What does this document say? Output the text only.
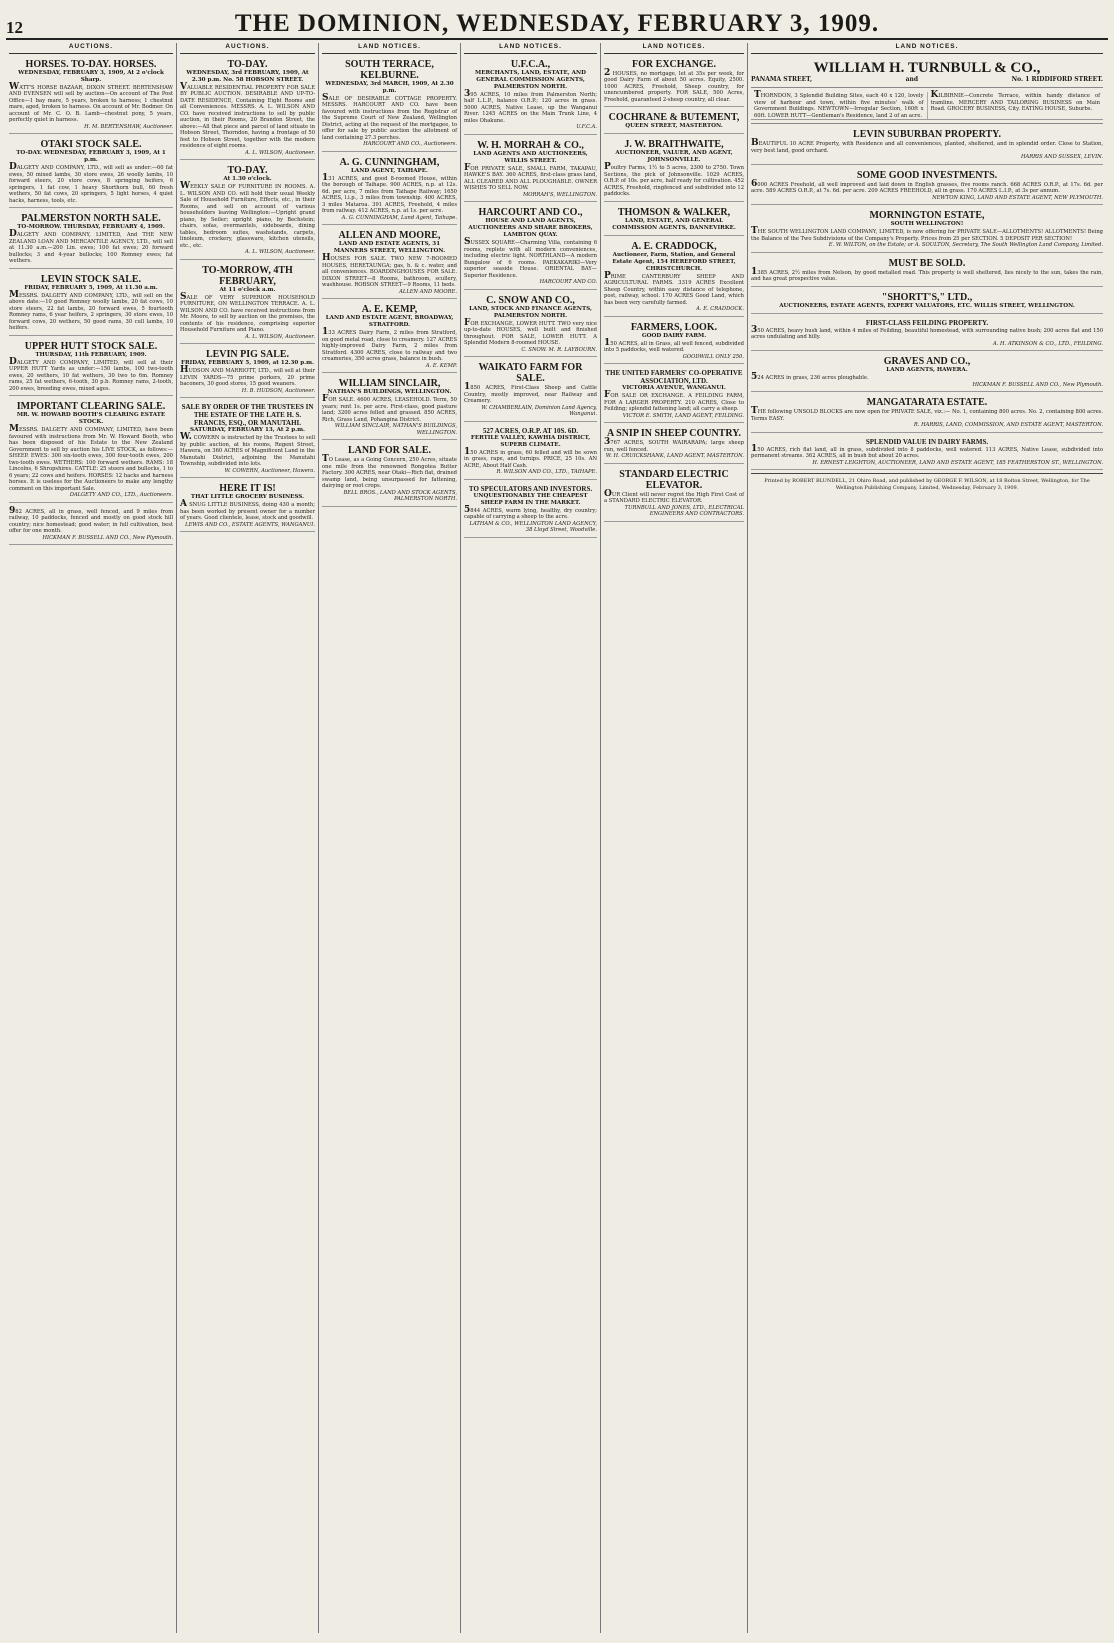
12	THE DOMINION, WEDNESDAY, FEBRUARY 3, 1909.
AUCTIONS.
HORSES. TO-DAY. HORSES.
WEDNESDAY, FEBRUARY 3, 1909, At 2 o'clock Sharp.
WATT'S HORSE BAZAAR, DIXON STREET. BERTENSHAW AND EVENSEN will sell by auction—On account of The Post Office—1 bay mare, 5 years, broken to harness; 1 chestnut mare, aged, broken to harness. On account of Mr. Bodmer. On account of Mr. C. O. B. Lamb—chestnut pony, 5 years, perfectly quiet in harness.
H. M. BERTENSHAW, Auctioneer.
OTAKI STOCK SALE.
TO-DAY. WEDNESDAY, FEBRUARY 3, 1909, At 1 p.m.
DALGETY AND COMPANY, LTD., will sell as under:—60 fat ewes, 50 mixed lambs, 30 store ewes, 26 woolly lambs, 10 forward steers, 20 store cows, 8 springing heifers, 6 springers, 1 fat cow, 1 heavy Shorthorn bull, 60 fresh wethers, 50 fat cows, 20 springers, 5 light horses, 4 quiet hacks, harness, tools, etc.
PALMERSTON NORTH SALE.
TO-MORROW. THURSDAY, FEBRUARY 4, 1909.
DALGETY AND COMPANY, LIMITED, And THE NEW ZEALAND LOAN AND MERCANTILE AGENCY, LTD., will sell at 11.30 a.m.—200 Lin. ewes; 100 fat ewes; 20 forward bullocks; 3 and 4-year bullocks; 100 Romney ewes; fat wethers.
LEVIN STOCK SALE.
FRIDAY, FEBRUARY 5, 1909, At 11.30 a.m.
MESSRS. DALGETY AND COMPANY, LTD., will sell on the above date:—10 good Romney woolly lambs, 20 fat cows, 10 store steers, 22 fat lambs, 20 forward ewes, 5 fourtooth Romney rams, 6 year heifers, 2 springers, 30 store ewes, 10 forward cows, 20 wethers, 50 good rams, 30 cull lambs, 10 heifers.
UPPER HUTT STOCK SALE.
THURSDAY, 11th FEBRUARY, 1909.
DALGETY AND COMPANY, LIMITED, will sell at their UPPER HUTT Yards as under:—150 lambs, 100 two-tooth ewes, 20 wethers, 10 fat wethers, 30 two to 6m. Romney rams, 25 fat wethers, 6-tooth, 30 p.b. Romney rams, 2-tooth, 200 ewes, breeding ewes, mixed ages.
IMPORTANT CLEARING SALE.
MR. W. HOWARD BOOTH'S CLEARING ESTATE STOCK.
MESSRS. DALGETY AND COMPANY, LIMITED, have been favoured with instructions from Mr. W. Howard Booth, who has been disposed of his Estate to the New Zealand Government to sell by auction his LIVE STOCK, as follows:—SHEEP. EWES: 300 six-tooth ewes, 300 four-tooth ewes, 200 two-tooth ewes. WETHERS: 100 forward wethers. RAMS: 18 Lincolns, 6 Shropshires. CATTLE: 25 steers and bullocks, 1 to 6 years; 22 cows and heifers. HORSES: 12 hacks and harness horses. It is useless for the Auctioneers to make any lengthy comment on this important Sale.
DALGETY AND CO., LTD., Auctioneers.
982 ACRES, all in grass, well fenced, and 9 miles from railway, 10 paddocks, fenced and mostly on good stock hill country; nice homestead; good water; in full cultivation, best offer for one month.
HICKMAN F. BUSSELL AND CO., New Plymouth.
AUCTIONS.
TO-DAY.
WEDNESDAY, 3rd FEBRUARY, 1909, At 2.30 p.m. No. 58 HOBSON STREET.
VALUABLE RESIDENTIAL PROPERTY FOR SALE BY PUBLIC AUCTION. DESIRABLE AND UP-TO-DATE RESIDENCE, Containing Eight Rooms and all Conveniences. MESSRS. A. L. WILSON AND CO. have received instructions to sell by public auction, in their Rooms, 20 Brandon Street, the above:—All that piece and parcel of land situate in Hobson Street, Thorndon, having a frontage of 50 feet to Hobson Street, together with the modern residence of eight rooms.
A. L. WILSON, Auctioneer.
TO-DAY.
At 1.30 o'clock.
WEEKLY SALE OF FURNITURE IN ROOMS. A. L. WILSON AND CO. will hold their usual Weekly Sale of Household Furniture, Effects, etc., in their Rooms, and sell on account of various householders leaving Wellington:—Upright grand piano, by Seiler; upright piano, by Bechstein; chairs, sofas, overmantels, sideboards, dining tables, bedroom suites, washstands, carpets, linoleum, crockery, glassware, kitchen utensils, etc., etc.
A. L. WILSON, Auctioneer.
TO-MORROW, 4TH FEBRUARY,
At 11 o'clock a.m.
SALE OF VERY SUPERIOR HOUSEHOLD FURNITURE, ON WELLINGTON TERRACE. A. L. WILSON AND CO. have received instructions from Mr. Moore, to sell by auction on the premises, the contents of his residence, comprising superior Household Furniture and Piano.
A. L. WILSON, Auctioneer.
LEVIN PIG SALE.
FRIDAY, FEBRUARY 5, 1909, at 12.30 p.m.
HUDSON AND MARRIOTT, LTD., will sell at their LEVIN YARDS—75 prime porkers, 20 prime baconers, 30 good stores, 15 good weaners.
H. B. HUDSON, Auctioneer.
SALE BY ORDER OF THE TRUSTEES IN THE ESTATE OF THE LATE H. S. FRANCIS, ESQ., OR MANUTAHI.
SATURDAY, FEBRUARY 13, At 2 p.m.
W. COWERN is instructed by the Trustees to sell by public auction, at his rooms, Regent Street, Hawera, on 360 ACRES of Magnificent Land in the Manutahi District, adjoining the Manutahi Township, subdivided into lots.
W. COWERN, Auctioneer, Hawera.
HERE IT IS!
THAT LITTLE GROCERY BUSINESS.
A SNUG LITTLE BUSINESS, doing 430 a month; has been worked by present owner for a number of years. Good clientele, lease, stock and goodwill.
LEWIS AND CO., ESTATE AGENTS, WANGANUI.
LAND NOTICES.
SOUTH TERRACE, KELBURNE.
WEDNESDAY, 3rd MARCH, 1909, At 2.30 p.m.
SALE OF DESIRABLE COTTAGE PROPERTY. MESSRS. HARCOURT AND CO. have been favoured with instructions from the Registrar of the Supreme Court of New Zealand, Wellington District, acting at the request of the mortgagee, to offer for sale by public auction the allotment of land containing 27.3 perches.
HARCOURT AND CO., Auctioneers.
A. G. CUNNINGHAM,
LAND AGENT, TAIHAPE.
131 ACRES, and good 8-roomed House, within the borough of Taihape. 900 ACRES, n.p. at 12s. 6d. per acre, 7 miles from Taihape Railway; 1650 ACRES, l.i.p., 3 miles from township. 400 ACRES, 3 miles Mataroa. 391 ACRES, Freehold, 4 miles from railway. 412 ACRES, n.p. at 1s. per acre.
A. G. CUNNINGHAM, Land Agent, Taihape.
ALLEN AND MOORE,
LAND AND ESTATE AGENTS, 31 MANNERS STREET, WELLINGTON.
HOUSES FOR SALE. TWO NEW 7-ROOMED HOUSES, HERETAUNGA; gas, h. & c. water, and all conveniences. BOARDINGHOUSES FOR SALE. DIXON STREET—8 Rooms, bathroom, scullery, washhouse. ROBSON STREET—9 Rooms, 11 beds.
ALLEN AND MOORE.
A. E. KEMP,
LAND AND ESTATE AGENT, BROADWAY, STRATFORD.
133 ACRES Dairy Farm, 2 miles from Stratford, on good metal road, close to creamery. 127 ACRES highly-improved Dairy Farm, 2 miles from Stratford. 4300 ACRES, close to railway and two creameries, 350 acres grass, balance in bush.
A. E. KEMP.
WILLIAM SINCLAIR,
NATHAN'S BUILDINGS, WELLINGTON.
FOR SALE. 4600 ACRES, LEASEHOLD. Term, 50 years; rent 1s. per acre. First-class, good pasture land; 3200 acres felled and grassed. 850 ACRES, Rich, Grass Land, Pohangina District.
WILLIAM SINCLAIR, NATHAN'S BUILDINGS, WELLINGTON.
LAND FOR SALE.
TO Lease, as a Going Concern, 250 Acres, situate one mile from the renowned Rongotea Butter Factory. 300 ACRES, near Otaki—Rich flat, drained swamp land, being unsurpassed for fattening, dairying or root crops.
BELL BROS., LAND AND STOCK AGENTS, PALMERSTON NORTH.
LAND NOTICES.
U.F.C.A.,
MERCHANTS, LAND, ESTATE, AND GENERAL COMMISSION AGENTS, PALMERSTON NORTH.
395 ACRES, 10 miles from Palmerston North; half L.L.P., balance O.R.P.; 120 acres in grass. 5000 ACRES, Native Lease, up the Wanganui River. 1245 ACRES on the Main Trunk Line, 4 miles Ohakune.
U.F.C.A.
W. H. MORRAH & CO.,
LAND AGENTS AND AUCTIONEERS, WILLIS STREET.
FOR PRIVATE SALE, SMALL FARM, TAKAPAU, HAWKE'S BAY. 360 ACRES, first-class grass land, ALL CLEARED AND ALL PLOUGHABLE. OWNER WISHES TO SELL NOW.
MORRAH'S, WELLINGTON.
HARCOURT AND CO.,
HOUSE AND LAND AGENTS, AUCTIONEERS AND SHARE BROKERS, LAMBTON QUAY.
SUSSEX SQUARE—Charming Villa, containing 6 rooms, replete with all modern conveniences, including electric light. NORTHLAND—A modern Bungalow of 6 rooms. PAEKAKARIKI—Very superior seaside House. ORIENTAL BAY—Superior Residence.
HARCOURT AND CO.
C. SNOW AND CO.,
LAND, STOCK AND FINANCE AGENTS, PALMERSTON NORTH.
FOR EXCHANGE, LOWER HUTT. TWO very nice up-to-date HOUSES, well built and finished throughout. FOR SALE, LOWER HUTT. A Splendid Modern 8-roomed HOUSE.
C. SNOW. M. R. LAYBOURN.
WAIKATO FARM FOR SALE.
1850 ACRES, First-Class Sheep and Cattle Country, mostly improved, near Railway and Creamery.
W. CHAMBERLAIN, Dominion Land Agency, Wanganui.
527 ACRES, O.R.P. AT 10S. 6D.
FERTILE VALLEY, KAWHIA DISTRICT, SUPERB CLIMATE.
150 ACRES in grass, 60 felled and will be sown in grass, rape, and turnips. PRICE, 25 10s. AN ACRE, About Half Cash.
R. WILSON AND CO., LTD., TAIHAPE.
TO SPECULATORS AND INVESTORS.
UNQUESTIONABLY THE CHEAPEST SHEEP FARM IN THE MARKET.
5844 ACRES, warm lying, healthy, dry country; capable of carrying a sheep to the acre.
LATHAM & CO., WELLINGTON LAND AGENCY, 38 Lloyd Street, Woodville.
LAND NOTICES.
FOR EXCHANGE.
2 HOUSES, no mortgage, let at 35s per week, for good Dairy Farm of about 50 acres. Equity, 2500. 1000 ACRES, Freehold, Sheep country, for unencumbered property. FOR SALE, 500 Acres, Freehold, guaranteed 2-sheep country, all clear.
COCHRANE & BUTEMENT,
QUEEN STREET, MASTERTON.
J. W. BRAITHWAITE,
AUCTIONEER, VALUER, AND AGENT, JOHNSONVILLE.
Poultry Farms, 1½ to 5 acres, 2300 to 2750. Town Sections, the pick of Johnsonville. 1029 ACRES, O.R.P. of 10s. per acre, half ready for cultivation. 452 ACRES, Freehold, ringfenced and subdivided into 12 paddocks.
THOMSON & WALKER,
LAND, ESTATE, AND GENERAL COMMISSION AGENTS, DANNEVIRKE.
A. E. CRADDOCK,
Auctioneer, Farm, Station, and General Estate Agent, 154 HEREFORD STREET, CHRISTCHURCH.
PRIME CANTERBURY SHEEP AND AGRICULTURAL FARMS. 3319 ACRES Excellent Sheep Country, within easy distance of telephone, post, railway, school. 170 ACRES Good Land, which has been very carefully farmed.
A. E. CRADDOCK.
FARMERS, LOOK.
GOOD DAIRY FARM.
150 ACRES, all in Grass, all well fenced, subdivided into 5 paddocks, well watered.
GOODWILL ONLY 250.
THE UNITED FARMERS' CO-OPERATIVE ASSOCIATION, LTD.
VICTORIA AVENUE, WANGANUI.
FOR SALE OR EXCHANGE. A FEILDING FARM, FOR A LARGER PROPERTY. 210 ACRES, Close to Feilding; splendid fattening land; all carry a sheep.
VICTOR E. SMITH, LAND AGENT, FEILDING.
A SNIP IN SHEEP COUNTRY.
3767 ACRES, SOUTH WAIRARAPA; large sheep run, well fenced.
W. H. CRUICKSHANK, LAND AGENT, MASTERTON.
STANDARD ELECTRIC ELEVATOR.
OUR Client will never regret the High First Cost of a STANDARD ELECTRIC ELEVATOR.
TURNBULL AND JONES, LTD., ELECTRICAL ENGINEERS AND CONTRACTORS.
LAND NOTICES.
WILLIAM H. TURNBULL & CO.,
PANAMA STREET,	and	No. 1 RIDDIFORD STREET.
THORNDON, 3 Splendid Building Sites, each 40 x 120, lovely view of harbour and town, within five minutes' walk of Government Buildings. NEWTOWN—Irregular Section, 160ft x 60ft. LOWER HUTT—Gentleman's Residence, land 2 of an acre.
KILBIRNIE—Concrete Terrace, within handy distance of tramline. MERCERY AND TAILORING BUSINESS on Main Road. GROCERY BUSINESS, City. EATING HOUSE, Suburbs.
LEVIN SUBURBAN PROPERTY.
BEAUTIFUL 10 ACRE Property, with Residence and all conveniences, planted, sheltered, and in splendid order. Close to Station, very best land, good orchard.
HARRIS AND SUSSEX, LEVIN.
SOME GOOD INVESTMENTS.
6000 ACRES Freehold, all well improved and laid down in English grasses, five rooms ranch. 668 ACRES O.R.P., at 17s. 6d. per acre. 589 ACRES O.R.P., at 7s. 6d. per acre. 209 ACRES FREEHOLD, all in grass. 170 ACRES L.I.P., at 3s per annum.
NEWTON KING, LAND AND ESTATE AGENT, NEW PLYMOUTH.
MORNINGTON ESTATE,
SOUTH WELLINGTON!
THE SOUTH WELLINGTON LAND COMPANY, LIMITED, is now offering for PRIVATE SALE—ALLOTMENTS! ALLOTMENTS! Being the Balance of the Two Subdivisions of the Company's Property. Prices from 25 per SECTION. 5 DEPOSIT PER SECTION!
E. W. WILTON, on the Estate; or A. SOULTON, Secretary, The South Wellington Land Company, Limited.
MUST BE SOLD.
1385 ACRES, 2½ miles from Nelson, by good metalled road. This property is well sheltered, lies nicely to the sun, takes the rain, and has great prospective value.
"SHORTT'S," LTD.,
AUCTIONEERS, ESTATE AGENTS, EXPERT VALUATORS, ETC. WILLIS STREET, WELLINGTON.
FIRST-CLASS FEILDING PROPERTY.
350 ACRES, heavy bush land, within 4 miles of Feilding, beautiful homestead, with surrounding native bush; 200 acres flat and 150 acres undulating and hilly.
A. H. ATKINSON & CO., LTD., FEILDING.
GRAVES AND CO.,
LAND AGENTS, HAWERA.
524 ACRES in grass, 236 acres ploughable.
HICKMAN F. BUSSELL AND CO., New Plymouth.
MANGATARATA ESTATE.
THE following UNSOLD BLOCKS are now open for PRIVATE SALE, viz.:— No. 1, containing 800 acres. No. 2, containing 800 acres. Terms EASY.
R. HARRIS, LAND, COMMISSION, AND ESTATE AGENT, MASTERTON.
SPLENDID VALUE IN DAIRY FARMS.
150 ACRES, rich flat land, all in grass, subdivided into 8 paddocks, well watered. 113 ACRES, Native Lease, subdivided into permanent streams. 362 ACRES, all in bush but about 20 acres.
H. ERNEST LEIGHTON, AUCTIONEER, LAND AND ESTATE AGENT, 185 FEATHERSTON ST., WELLINGTON.
Printed by ROBERT BLUNDELL, 21 Ohiro Road, and published by GEORGE F. WILSON, at 18 Bolton Street, Wellington, for The Wellington Publishing Company, Limited, Wednesday, February 3, 1909.
